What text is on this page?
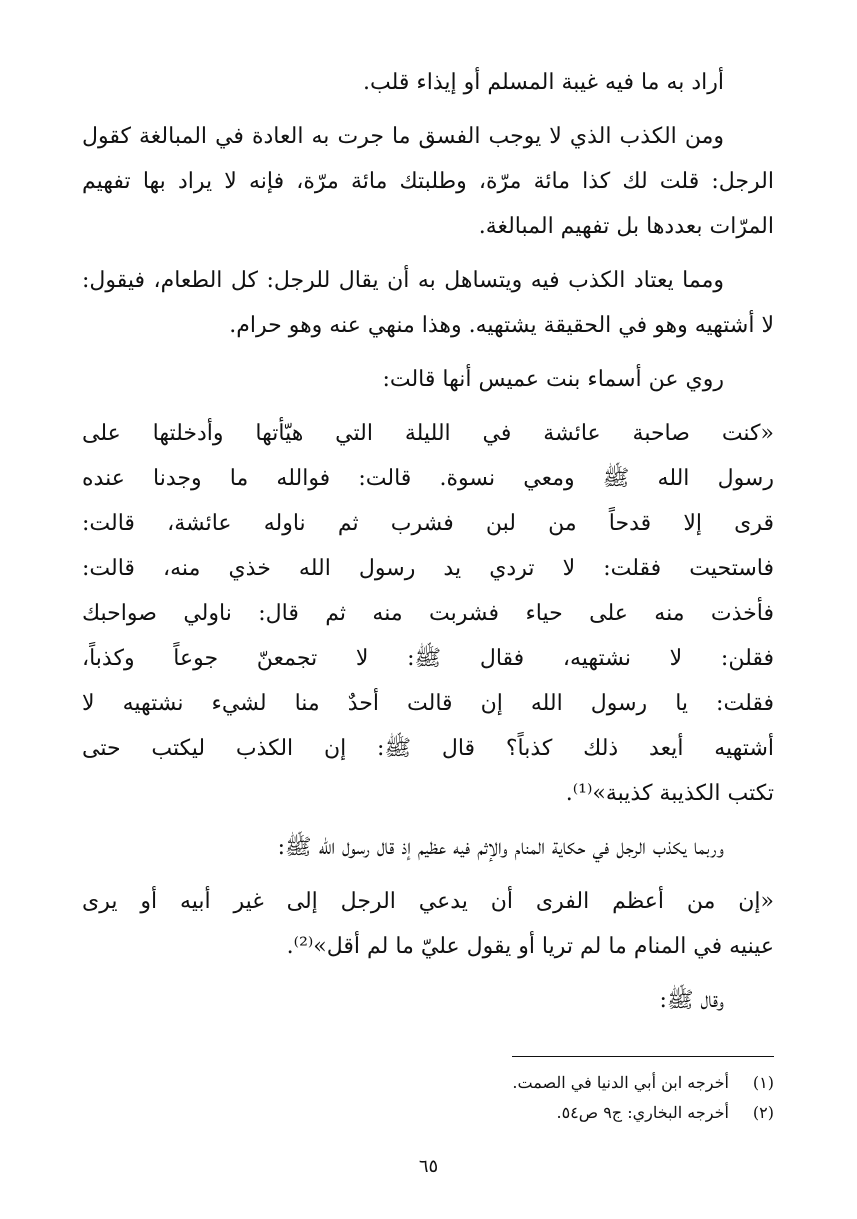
أراد به ما فيه غيبة المسلم أو إيذاء قلب.

ومن الكذب الذي لا يوجب الفسق ما جرت به العادة في المبالغة كقول الرجل: قلت لك كذا مائة مرّة، وطلبتك مائة مرّة، فإنه لا يراد بها تفهيم المرّات بعددها بل تفهيم المبالغة.

ومما يعتاد الكذب فيه ويتساهل به أن يقال للرجل: كل الطعام، فيقول: لا أشتهيه وهو في الحقيقة يشتهيه. وهذا منهي عنه وهو حرام.

روي عن أسماء بنت عميس أنها قالت:

«كنت صاحبة عائشة في الليلة التي هيّأتها وأدخلتها على
رسول الله ﷺ ومعي نسوة. قالت: فوالله ما وجدنا عنده
قرى إلا قدحاً من لبن فشرب ثم ناوله عائشة، قالت:
فاستحيت فقلت: لا تردي يد رسول الله خذي منه، قالت:
فأخذت منه على حياء فشربت منه ثم قال: ناولي صواحبك
فقلن: لا نشتهيه، فقال ﷺ: لا تجمعنّ جوعاً وكذباً،
فقلت: يا رسول الله إن قالت أحدٌ منا لشيء نشتهيه لا
أشتهيه أيعد ذلك كذباً؟ قال ﷺ: إن الكذب ليكتب حتى
تكتب الكذيبة كذيبة»⁽¹⁾.

وربما يكذب الرجل في حكاية المنام والإثم فيه عظيم إذ قال رسول الله ﷺ:

«إن من أعظم الفرى أن يدعي الرجل إلى غير أبيه أو يرى
عينيه في المنام ما لم تريا أو يقول عليّ ما لم أقل»⁽²⁾.

وقال ﷺ:

(١) أخرجه ابن أبي الدنيا في الصمت.
(٢) أخرجه البخاري: ج٩ ص٥٤.
٦٥
